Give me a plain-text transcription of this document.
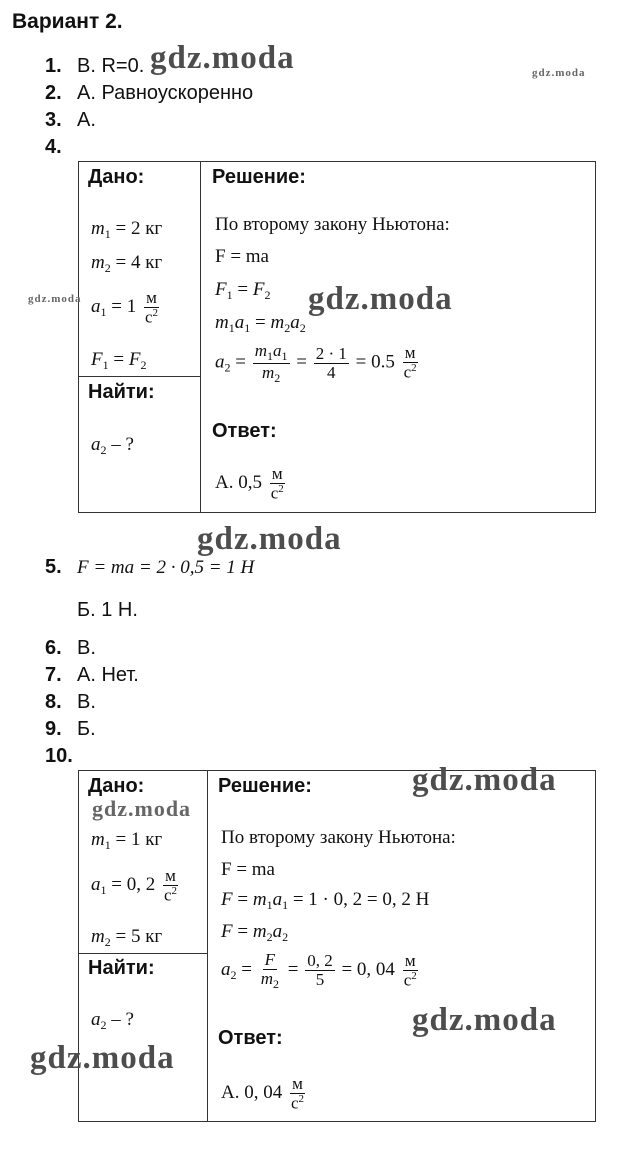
Вариант 2.
1. В. R=0.
2. А. Равноускоренно
3. А.
4.
Дано:
$m_1 = 2$ кг
$m_2 = 4$ кг
$a_1 = 1 \frac{м}{с^2}$
$F_1 = F_2$
Найти:
$a_2$ – ?
Решение:
По второму закону Ньютона:
F = ma
$F_1 = F_2$
$m_1a_1 = m_2a_2$
$a_2 = \frac{m_1a_1}{m_2} = \frac{2 \cdot 1}{4} = 0.5 \frac{м}{с^2}$
Ответ:
А. $0,5 \frac{м}{с^2}$
5. F = ma = 2 · 0,5 = 1 Н
Б. 1 Н.
6. В.
7. А. Нет.
8. В.
9. Б.
10.
Дано:
$m_1 = 1$ кг
$a_1 = 0$, $2 \frac{м}{с^2}$
$m_2 = 5$ кг
Найти:
$a_2$ – ?
Решение:
По второму закону Ньютона:
F = ma
$F = m_1a_1 = 1 \cdot 0$, 2 = 0, 2 Н
$F = m_2a_2$
$a_2 = \frac{F}{m_2} = \frac{0, 2}{5} = 0$, $04 \frac{м}{с^2}$
Ответ:
А. 0, $04 \frac{м}{с^2}$
gdz.moda	gdz.moda
gdz.moda	gdz.moda
gdz.moda
gdz.moda
gdz.moda
gdz.moda
gdz.moda
